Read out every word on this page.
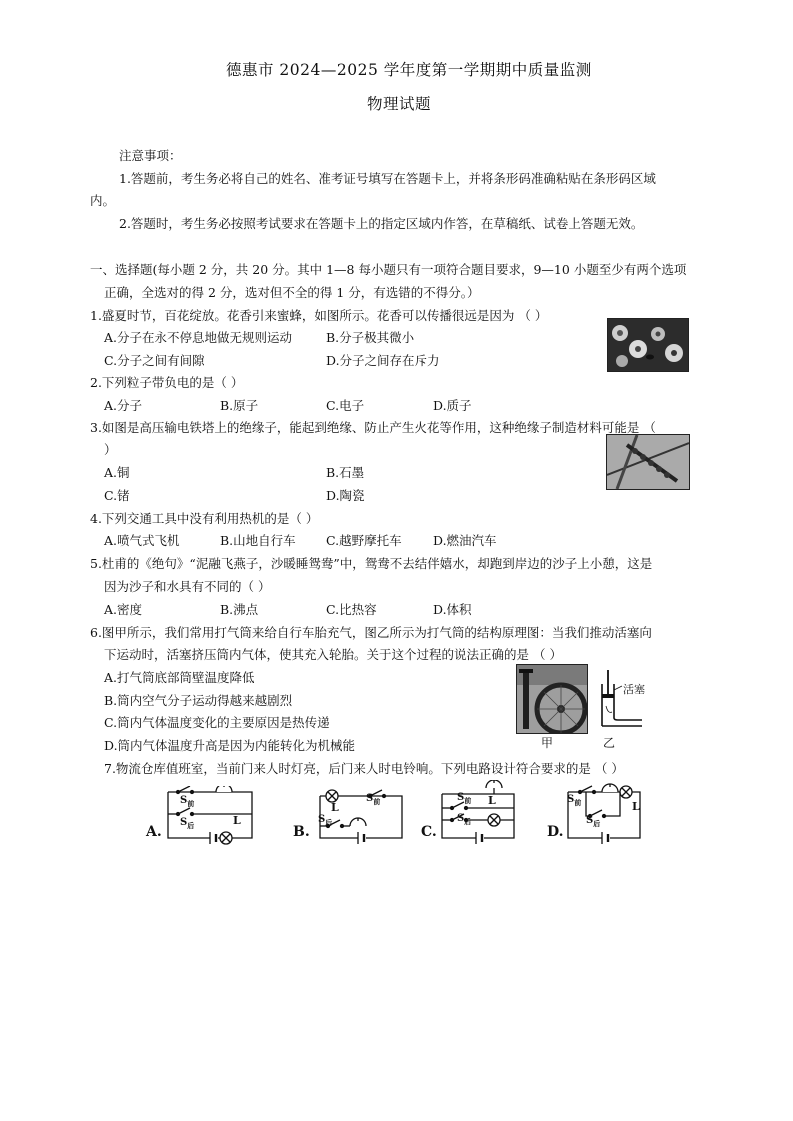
德惠市 2024—2025 学年度第一学期期中质量监测
物理试题
注意事项：
1.答题前，考生务必将自己的姓名、准考证号填写在答题卡上，并将条形码准确粘贴在条形码区域
内。
2.答题时，考生务必按照考试要求在答题卡上的指定区域内作答，在草稿纸、试卷上答题无效。
一、选择题(每小题 2 分，共 20 分。其中 1—8 每小题只有一项符合题目要求，9—10 小题至少有两个选项
正确，全选对的得 2 分，选对但不全的得 1 分，有选错的不得分。）
1.盛夏时节，百花绽放。花香引来蜜蜂，如图所示。花香可以传播很远是因为 （ ）
A.分子在永不停息地做无规则运动	B.分子极其微小
C.分子之间有间隙	D.分子之间存在斥力
2.下列粒子带负电的是（ ）
A.分子	B.原子	C.电子	D.质子
3.如图是高压输电铁塔上的绝缘子，能起到绝缘、防止产生火花等作用，这种绝缘子制造材料可能是 （
）
A.铜	B.石墨
C.锗	D.陶瓷
4.下列交通工具中没有利用热机的是（ ）
A.喷气式飞机	B.山地自行车 C.越野摩托车	D.燃油汽车
5.杜甫的《绝句》“泥融飞燕子，沙暖睡鸳鸯”中，鸳鸯不去结伴嬉水，却跑到岸边的沙子上小憩，这是
因为沙子和水具有不同的（ ）
A.密度	B.沸点	C.比热容	D.体积
6.图甲所示，我们常用打气筒来给自行车胎充气，图乙所示为打气筒的结构原理图：当我们推动活塞向
下运动时，活塞挤压筒内气体，使其充入轮胎。关于这个过程的说法正确的是 （ ）
A.打气筒底部筒壁温度降低
B.筒内空气分子运动得越来越剧烈
C.筒内气体温度变化的主要原因是热传递
D.筒内气体温度升高是因为内能转化为机械能	甲
活塞
乙
7.物流仓库值班室，当前门来人时灯亮，后门来人时电铃响。下列电路设计符合要求的是 （ ）
A.
$S_前$
$S_后$	L
B.
L
$S_前$
$S_后$
C.
$S_前$
$S_后$
L
D.
$S_前$
$S_后$
L
